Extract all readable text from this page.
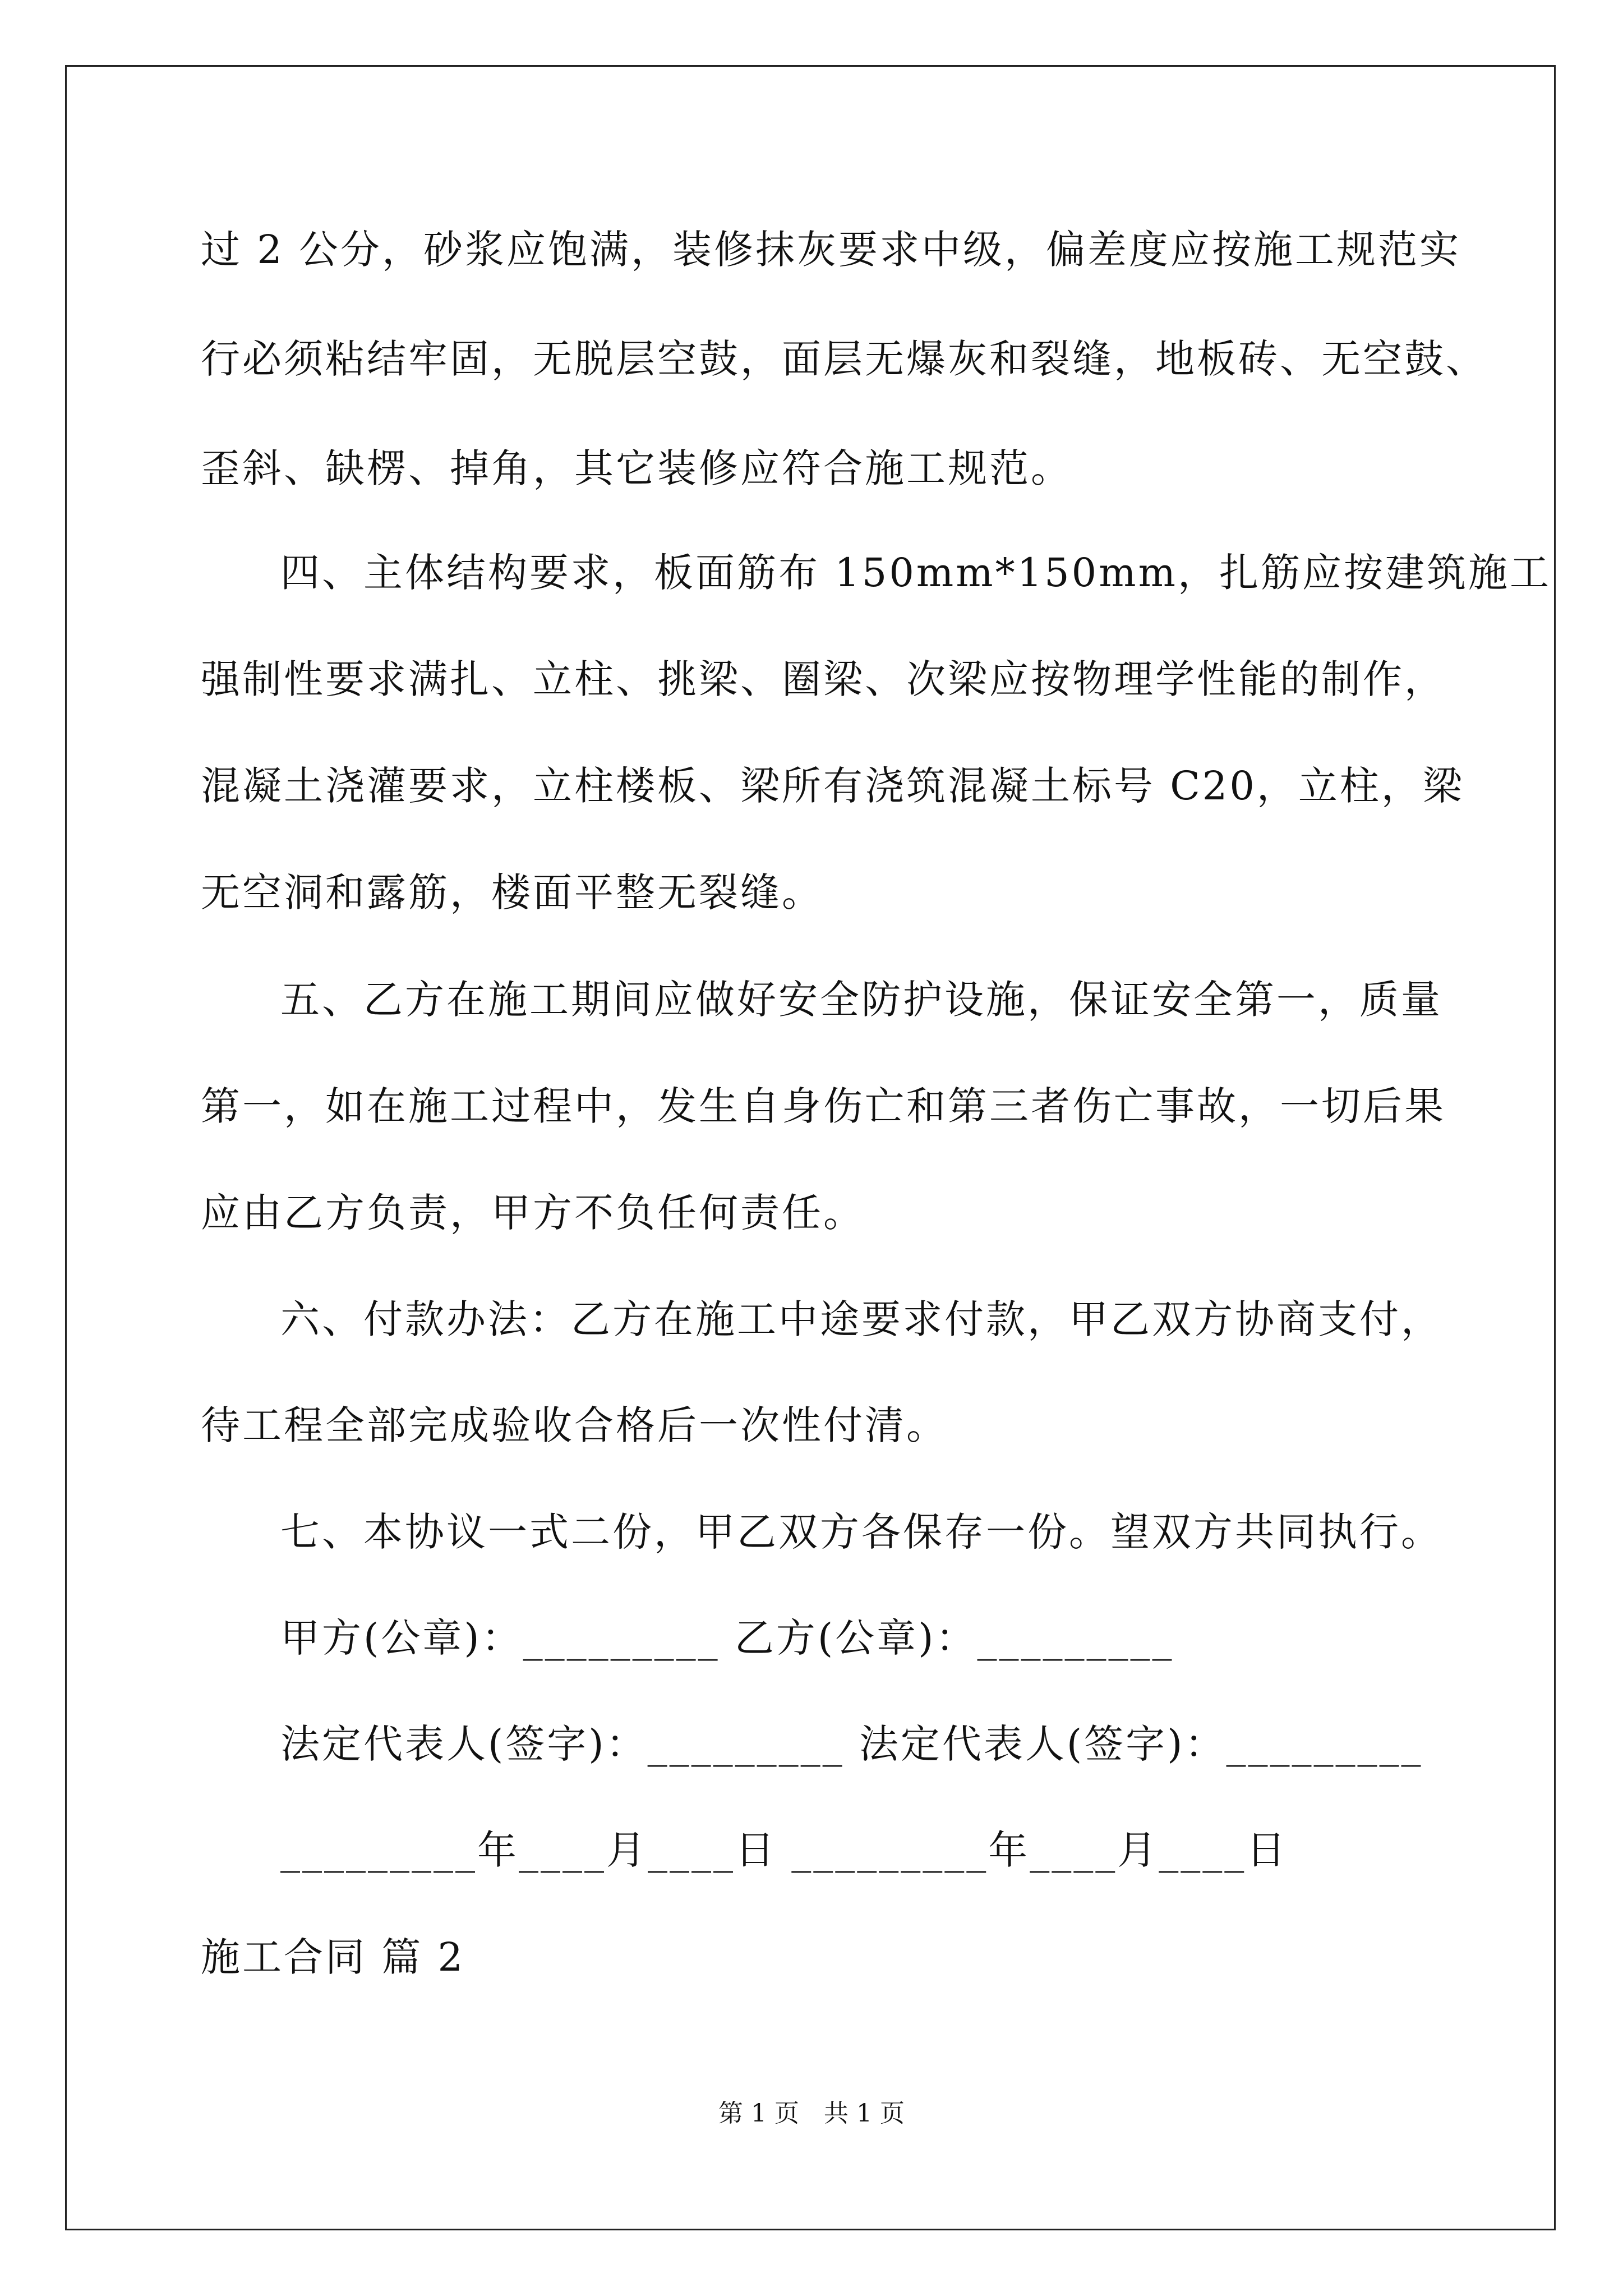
过 2 公分，砂浆应饱满，装修抹灰要求中级，偏差度应按施工规范实
行必须粘结牢固，无脱层空鼓，面层无爆灰和裂缝，地板砖、无空鼓、
歪斜、缺楞、掉角，其它装修应符合施工规范。
四、主体结构要求，板面筋布 150mm*150mm，扎筋应按建筑施工
强制性要求满扎、立柱、挑梁、圈梁、次梁应按物理学性能的制作，
混凝土浇灌要求，立柱楼板、梁所有浇筑混凝土标号 C20，立柱，梁
无空洞和露筋，楼面平整无裂缝。
五、乙方在施工期间应做好安全防护设施，保证安全第一，质量
第一，如在施工过程中，发生自身伤亡和第三者伤亡事故，一切后果
应由乙方负责，甲方不负任何责任。
六、付款办法：乙方在施工中途要求付款，甲乙双方协商支付，
待工程全部完成验收合格后一次性付清。
七、本协议一式二份，甲乙双方各保存一份。望双方共同执行。
甲方(公章)：_________ 乙方(公章)：_________
法定代表人(签字)：_________ 法定代表人(签字)：_________
_________年____月____日 _________年____月____日
施工合同 篇 2
第 1 页　共 1 页
